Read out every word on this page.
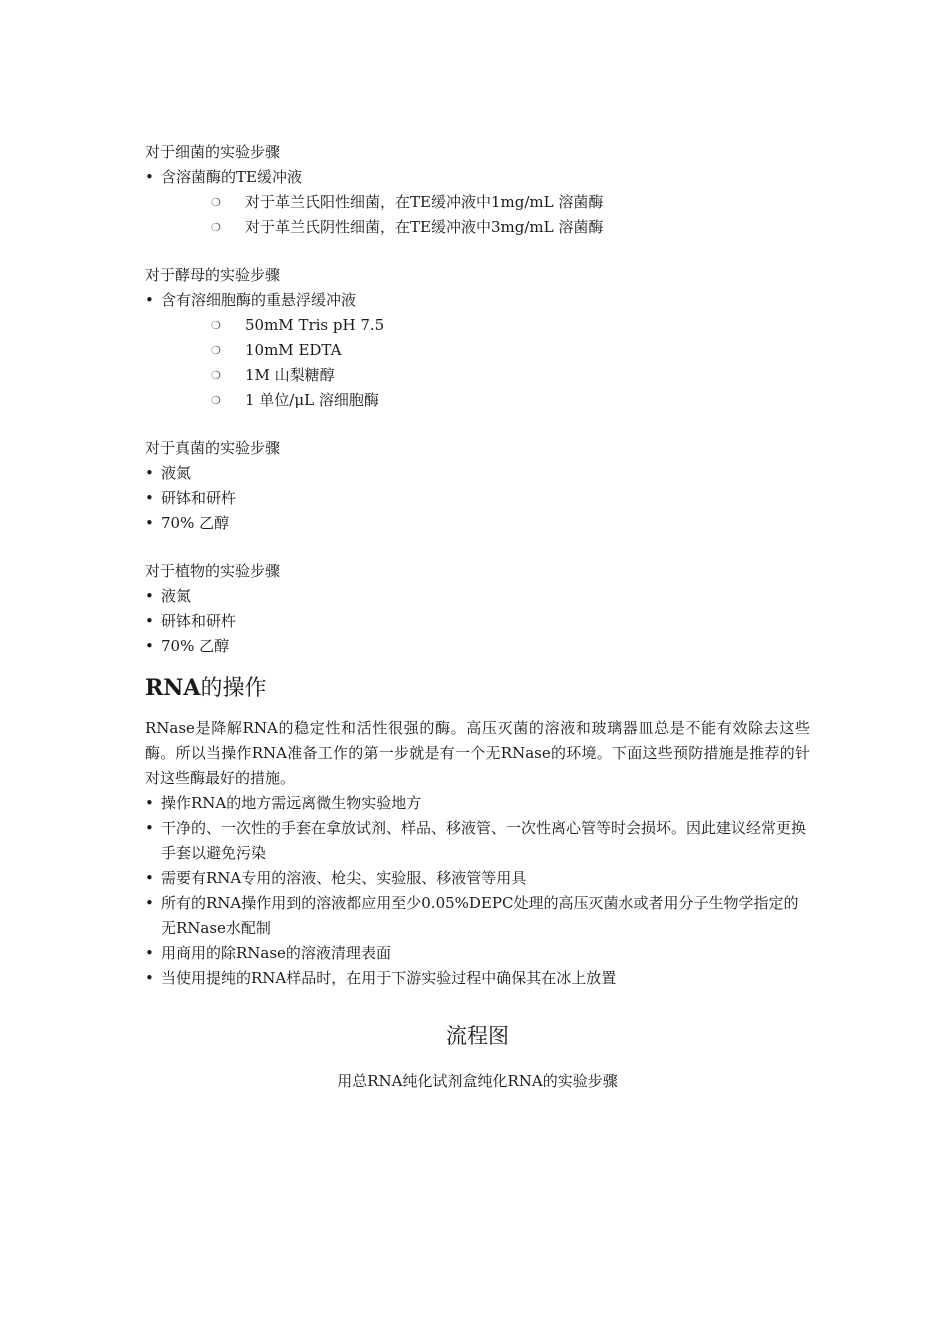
对于细菌的实验步骤
• 含溶菌酶的TE缓冲液
❍	对于革兰氏阳性细菌，在TE缓冲液中1mg/mL 溶菌酶
❍	对于革兰氏阴性细菌，在TE缓冲液中3mg/mL 溶菌酶
对于酵母的实验步骤
• 含有溶细胞酶的重悬浮缓冲液
❍	50mM Tris pH 7.5
❍	10mM EDTA
❍	1M 山梨糖醇
❍	1 单位/μL 溶细胞酶
对于真菌的实验步骤
• 液氮
• 研钵和研杵
• 70% 乙醇
对于植物的实验步骤
• 液氮
• 研钵和研杵
• 70% 乙醇
RNA的操作
RNase是降解RNA的稳定性和活性很强的酶。高压灭菌的溶液和玻璃器皿总是不能有效除去这些酶。所以当操作RNA准备工作的第一步就是有一个无RNase的环境。下面这些预防措施是推荐的针对这些酶最好的措施。
• 操作RNA的地方需远离微生物实验地方
• 干净的、一次性的手套在拿放试剂、样品、移液管、一次性离心管等时会损坏。因此建议经常更换手套以避免污染
• 需要有RNA专用的溶液、枪尖、实验服、移液管等用具
• 所有的RNA操作用到的溶液都应用至少0.05%DEPC处理的高压灭菌水或者用分子生物学指定的无RNase水配制
• 用商用的除RNase的溶液清理表面
• 当使用提纯的RNA样品时，在用于下游实验过程中确保其在冰上放置
流程图
用总RNA纯化试剂盒纯化RNA的实验步骤
